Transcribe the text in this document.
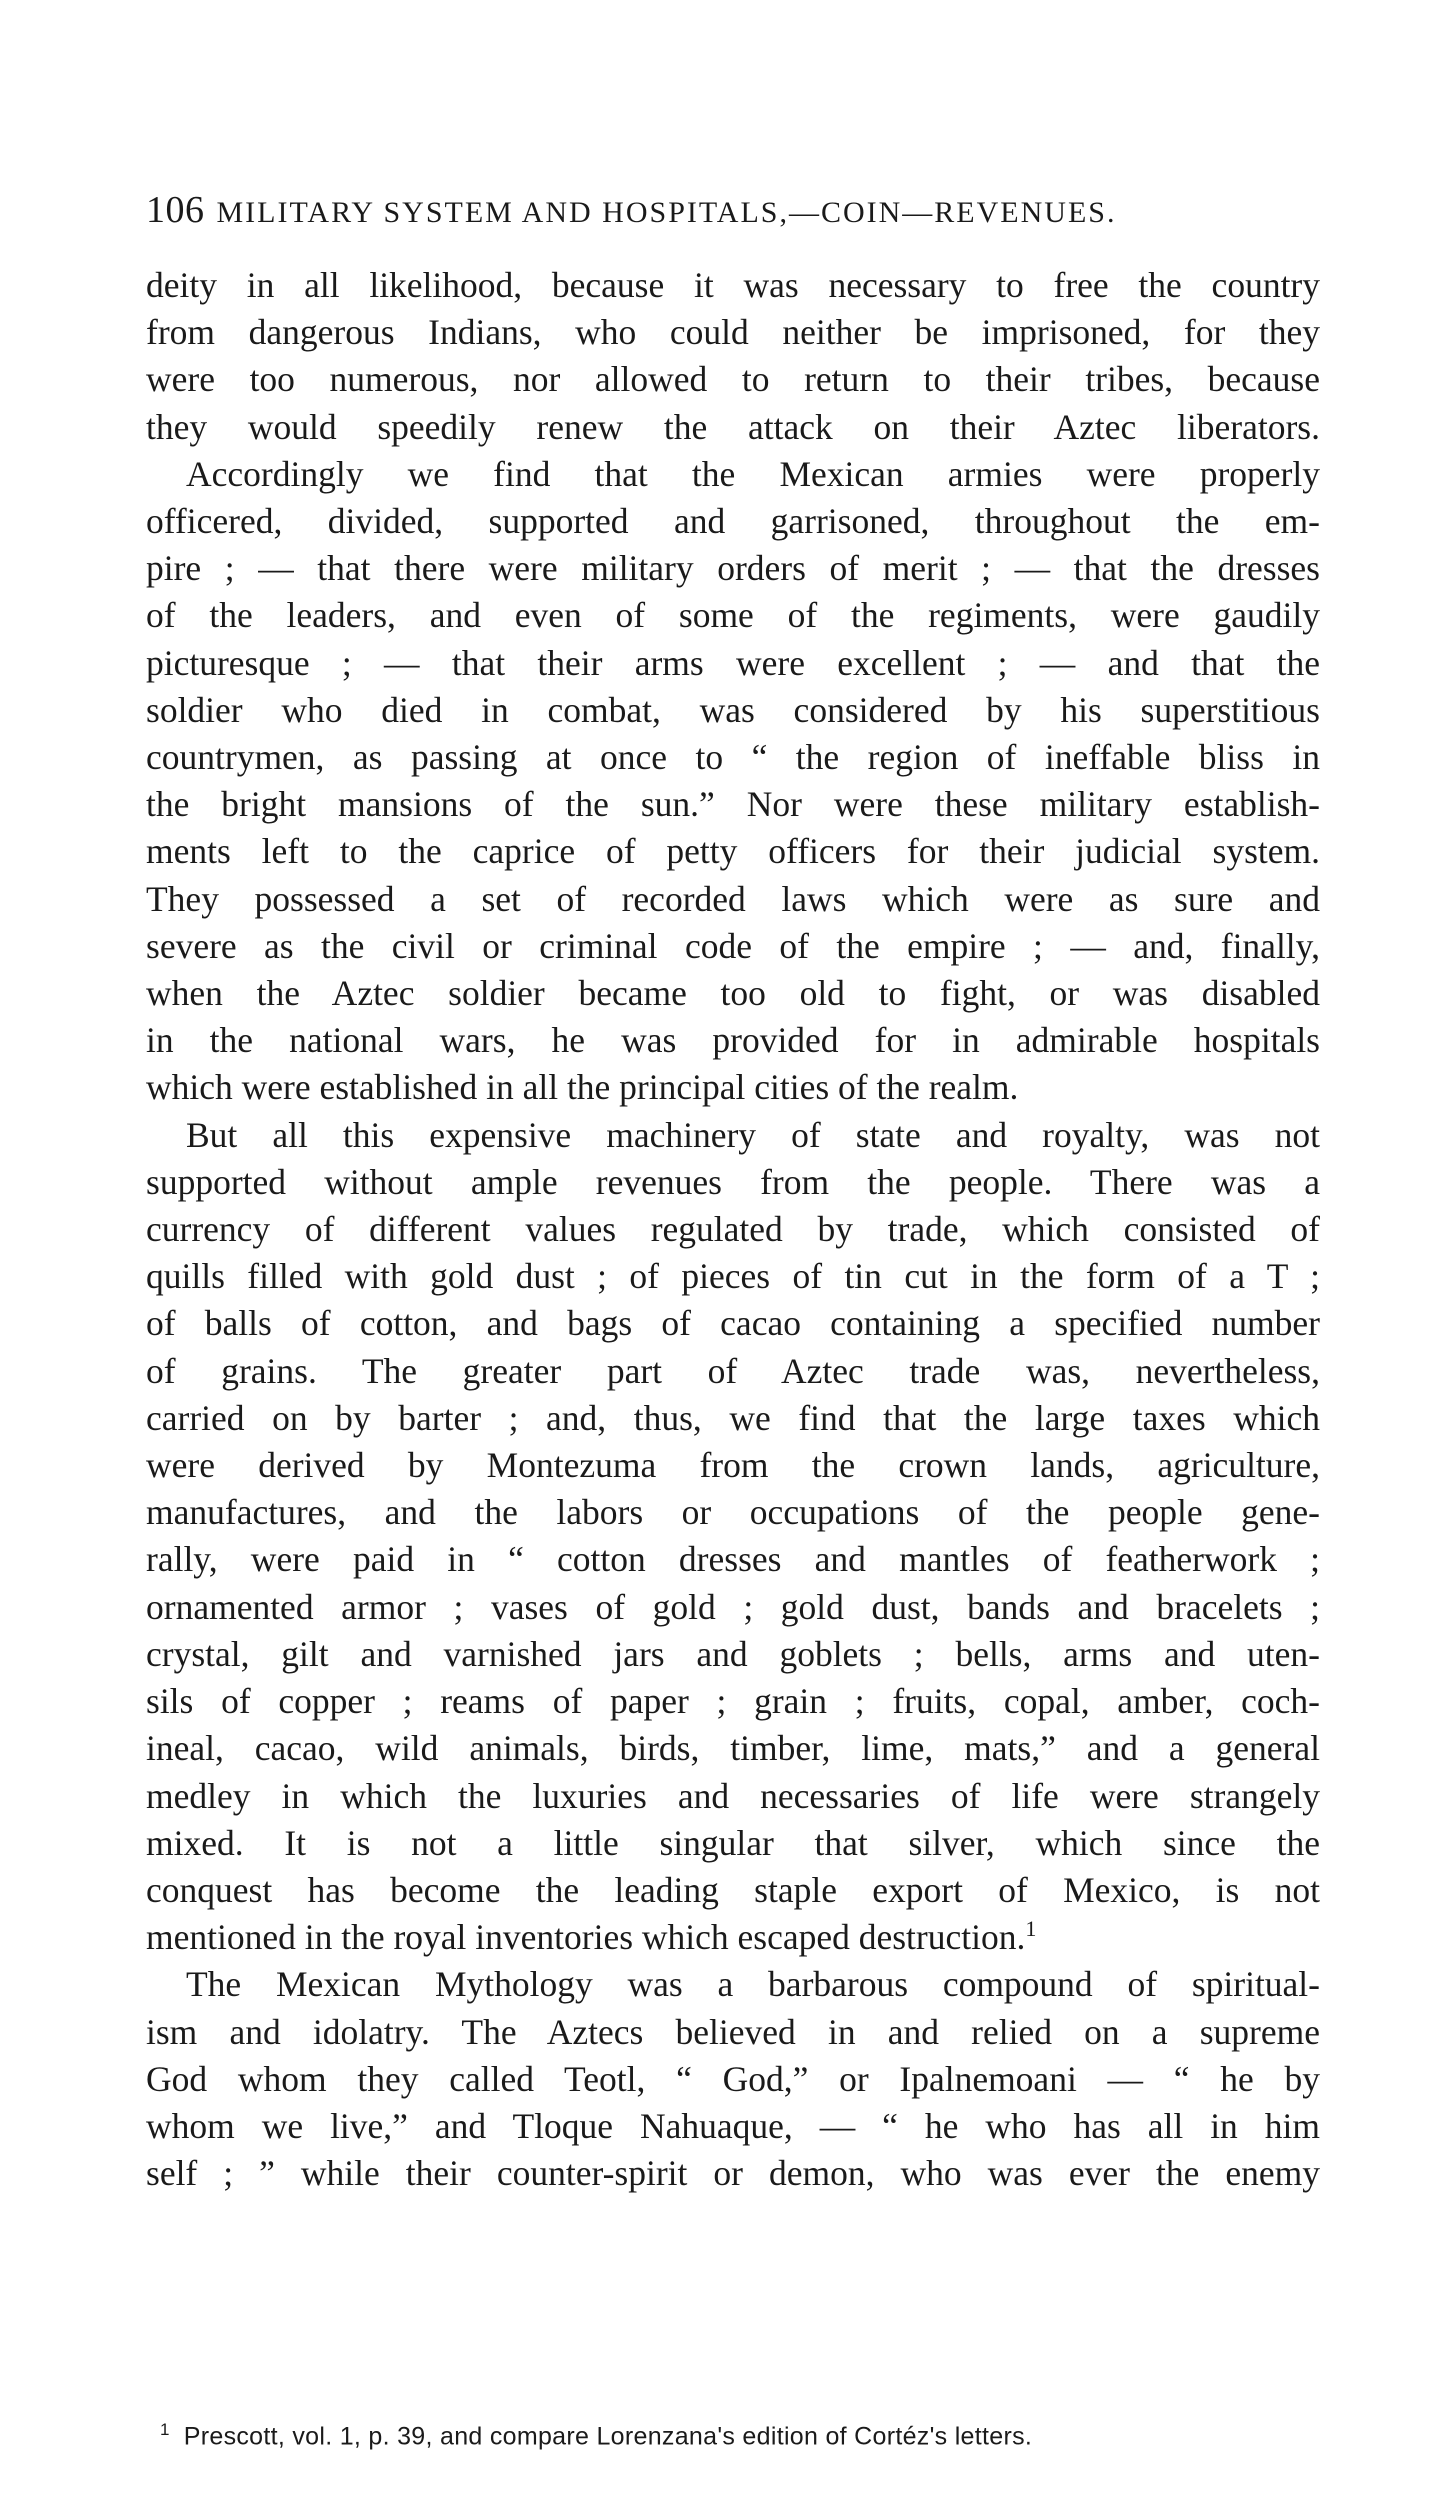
106 MILITARY SYSTEM AND HOSPITALS,—COIN—REVENUES.
deity in all likelihood, because it was necessary to free the country
from dangerous Indians, who could neither be imprisoned, for they
were too numerous, nor allowed to return to their tribes, because
they would speedily renew the attack on their Aztec liberators.
Accordingly we find that the Mexican armies were properly
officered, divided, supported and garrisoned, throughout the em-
pire ; — that there were military orders of merit ; — that the dresses
of the leaders, and even of some of the regiments, were gaudily
picturesque ; — that their arms were excellent ; — and that the
soldier who died in combat, was considered by his superstitious
countrymen, as passing at once to “ the region of ineffable bliss in
the bright mansions of the sun.” Nor were these military establish-
ments left to the caprice of petty officers for their judicial system.
They possessed a set of recorded laws which were as sure and
severe as the civil or criminal code of the empire ; — and, finally,
when the Aztec soldier became too old to fight, or was disabled
in the national wars, he was provided for in admirable hospitals
which were established in all the principal cities of the realm.
But all this expensive machinery of state and royalty, was not
supported without ample revenues from the people. There was a
currency of different values regulated by trade, which consisted of
quills filled with gold dust ; of pieces of tin cut in the form of a T ;
of balls of cotton, and bags of cacao containing a specified number
of grains. The greater part of Aztec trade was, nevertheless,
carried on by barter ; and, thus, we find that the large taxes which
were derived by Montezuma from the crown lands, agriculture,
manufactures, and the labors or occupations of the people gene-
rally, were paid in “ cotton dresses and mantles of featherwork ;
ornamented armor ; vases of gold ; gold dust, bands and bracelets ;
crystal, gilt and varnished jars and goblets ; bells, arms and uten-
sils of copper ; reams of paper ; grain ; fruits, copal, amber, coch-
ineal, cacao, wild animals, birds, timber, lime, mats,” and a general
medley in which the luxuries and necessaries of life were strangely
mixed. It is not a little singular that silver, which since the
conquest has become the leading staple export of Mexico, is not
mentioned in the royal inventories which escaped destruction.$^1$
The Mexican Mythology was a barbarous compound of spiritual-
ism and idolatry. The Aztecs believed in and relied on a supreme
God whom they called Teotl, “ God,” or Ipalnemoani — “ he by
whom we live,” and Tloque Nahuaque, — “ he who has all in him
self ; ” while their counter-spirit or demon, who was ever the enemy
$^1$ Prescott, vol. 1, p. 39, and compare Lorenzana's edition of Cortéz's letters.
